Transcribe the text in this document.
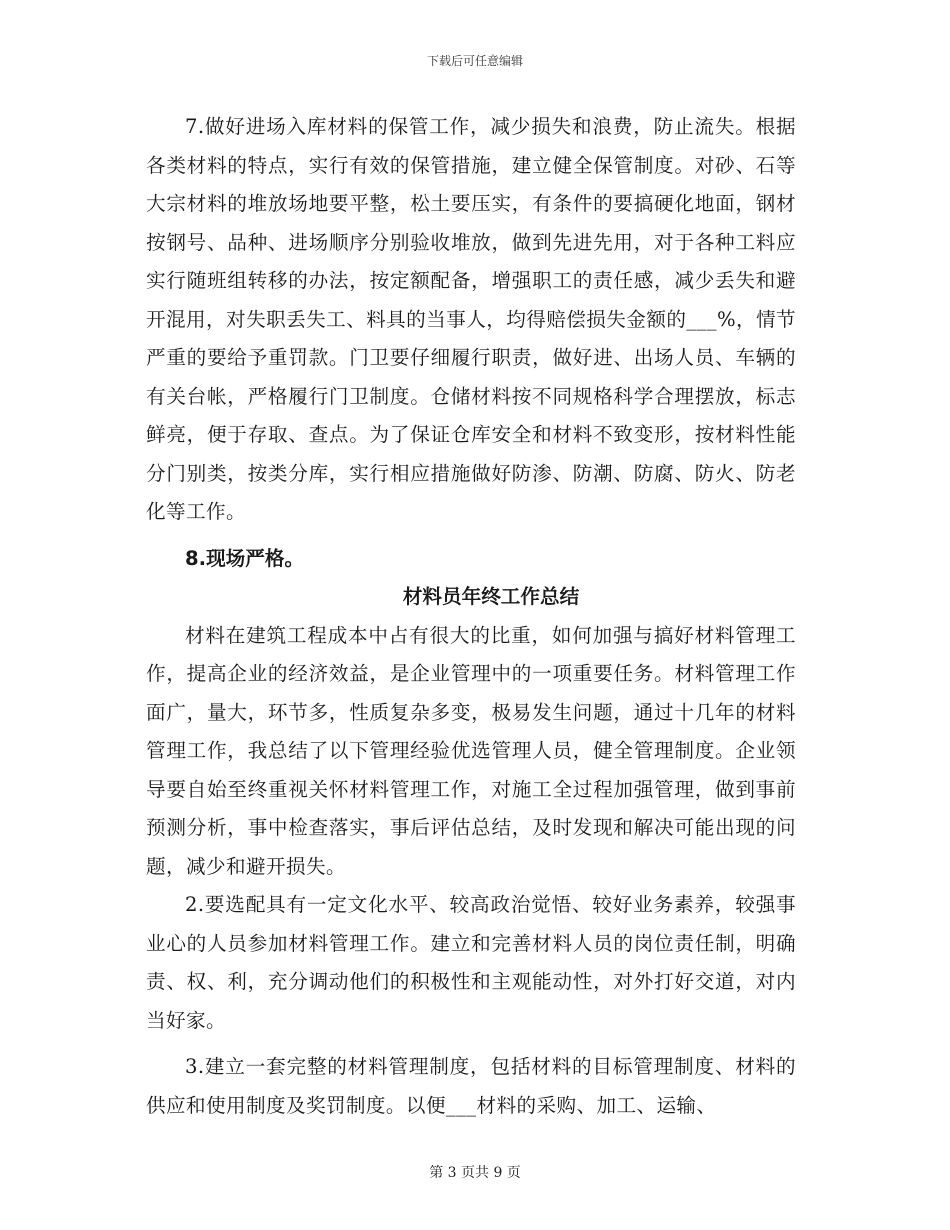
下载后可任意编辑

7.做好进场入库材料的保管工作，减少损失和浪费，防止流失。根据各类材料的特点，实行有效的保管措施，建立健全保管制度。对砂、石等大宗材料的堆放场地要平整，松土要压实，有条件的要搞硬化地面，钢材按钢号、品种、进场顺序分别验收堆放，做到先进先用，对于各种工料应实行随班组转移的办法，按定额配备，增强职工的责任感，减少丢失和避开混用，对失职丢失工、料具的当事人，均得赔偿损失金额的___%，情节严重的要给予重罚款。门卫要仔细履行职责，做好进、出场人员、车辆的有关台帐，严格履行门卫制度。仓储材料按不同规格科学合理摆放，标志鲜亮，便于存取、查点。为了保证仓库安全和材料不致变形，按材料性能分门别类，按类分库，实行相应措施做好防渗、防潮、防腐、防火、防老化等工作。

8.现场严格。

材料员年终工作总结

材料在建筑工程成本中占有很大的比重，如何加强与搞好材料管理工作，提高企业的经济效益，是企业管理中的一项重要任务。材料管理工作面广，量大，环节多，性质复杂多变，极易发生问题，通过十几年的材料管理工作，我总结了以下管理经验优选管理人员，健全管理制度。企业领导要自始至终重视关怀材料管理工作，对施工全过程加强管理，做到事前预测分析，事中检查落实，事后评估总结，及时发现和解决可能出现的问题，减少和避开损失。

2.要选配具有一定文化水平、较高政治觉悟、较好业务素养，较强事业心的人员参加材料管理工作。建立和完善材料人员的岗位责任制，明确责、权、利，充分调动他们的积极性和主观能动性，对外打好交道，对内当好家。

3.建立一套完整的材料管理制度，包括材料的目标管理制度、材料的供应和使用制度及奖罚制度。以便___材料的采购、加工、运输、

第 3 页共 9 页
